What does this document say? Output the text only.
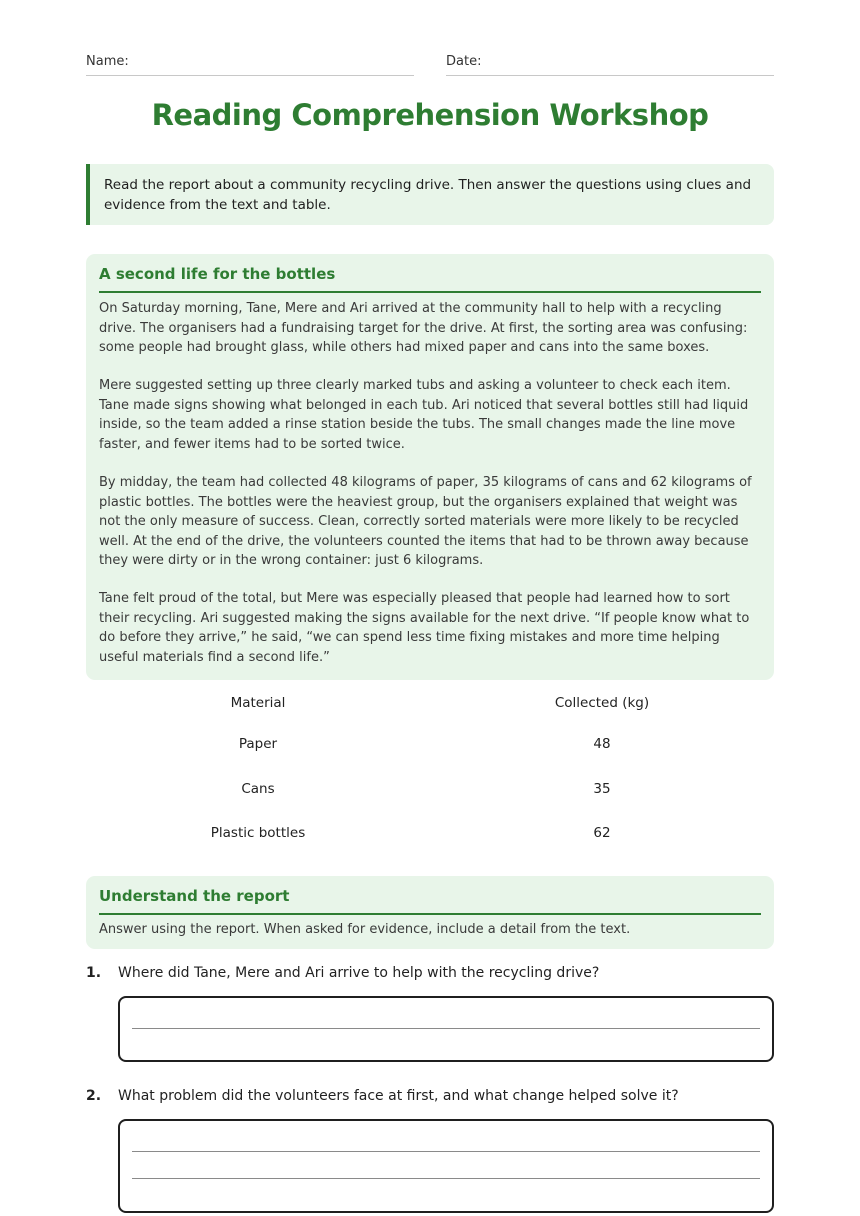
Name:	Date:
Reading Comprehension Workshop
Read the report about a community recycling drive. Then answer the questions using clues and evidence from the text and table.
A second life for the bottles

On Saturday morning, Tane, Mere and Ari arrived at the community hall to help with a recycling drive. The organisers had a fundraising target for the drive. At first, the sorting area was confusing: some people had brought glass, while others had mixed paper and cans into the same boxes.

Mere suggested setting up three clearly marked tubs and asking a volunteer to check each item. Tane made signs showing what belonged in each tub. Ari noticed that several bottles still had liquid inside, so the team added a rinse station beside the tubs. The small changes made the line move faster, and fewer items had to be sorted twice.

By midday, the team had collected 48 kilograms of paper, 35 kilograms of cans and 62 kilograms of plastic bottles. The bottles were the heaviest group, but the organisers explained that weight was not the only measure of success. Clean, correctly sorted materials were more likely to be recycled well. At the end of the drive, the volunteers counted the items that had to be thrown away because they were dirty or in the wrong container: just 6 kilograms.

Tane felt proud of the total, but Mere was especially pleased that people had learned how to sort their recycling. Ari suggested making the signs available for the next drive. “If people know what to do before they arrive,” he said, “we can spend less time fixing mistakes and more time helping useful materials find a second life.”

Material	Collected (kg)
Paper	48
Cans	35
Plastic bottles	62
Understand the report
Answer using the report. When asked for evidence, include a detail from the text.
1. Where did Tane, Mere and Ari arrive to help with the recycling drive?
2. What problem did the volunteers face at first, and what change helped solve it?
